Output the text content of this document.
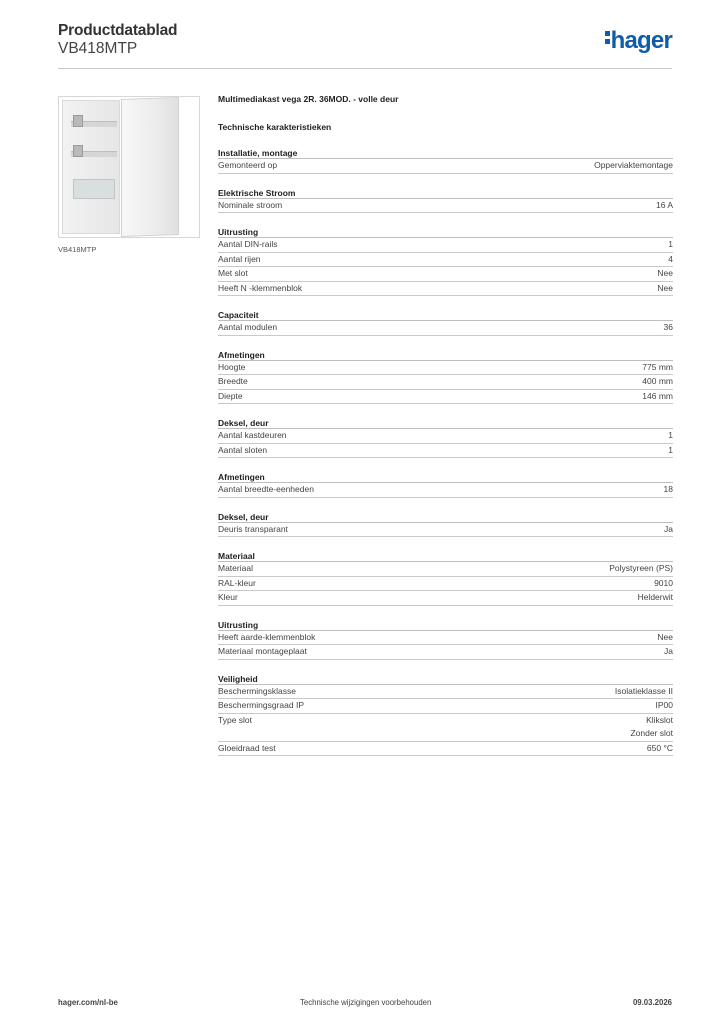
Productdatablad
VB418MTP	hager
VB418MTP
Multimediakast vega 2R. 36MOD. - volle deur
Technische karakteristieken
Installatie, montage
Gemonteerd op	Opperviaktemontage
Elektrische Stroom
Nominale stroom	16 A
Uitrusting
Aantal DIN-rails	1
Aantal rijen	4
Met slot	Nee
Heeft N -klemmenblok	Nee
Capaciteit
Aantal modulen	36
Afmetingen
Hoogte	775 mm
Breedte	400 mm
Diepte	146 mm
Deksel, deur
Aantal kastdeuren	1
Aantal sloten	1
Afmetingen
Aantal breedte-eenheden	18
Deksel, deur
Deuris transparant	Ja
Materiaal
Materiaal	Polystyreen (PS)
RAL-kleur	9010
Kleur	Helderwit
Uitrusting
Heeft aarde-klemmenblok	Nee
Materiaal montageplaat	Ja
Veiligheid
Beschermingsklasse	Isolatieklasse II
Beschermingsgraad IP	IP00
Type slot	Klikslot
Zonder slot
Gloeidraad test	650 °C
hager.com/nl-be	Technische wijzigingen voorbehouden	09.03.2026
